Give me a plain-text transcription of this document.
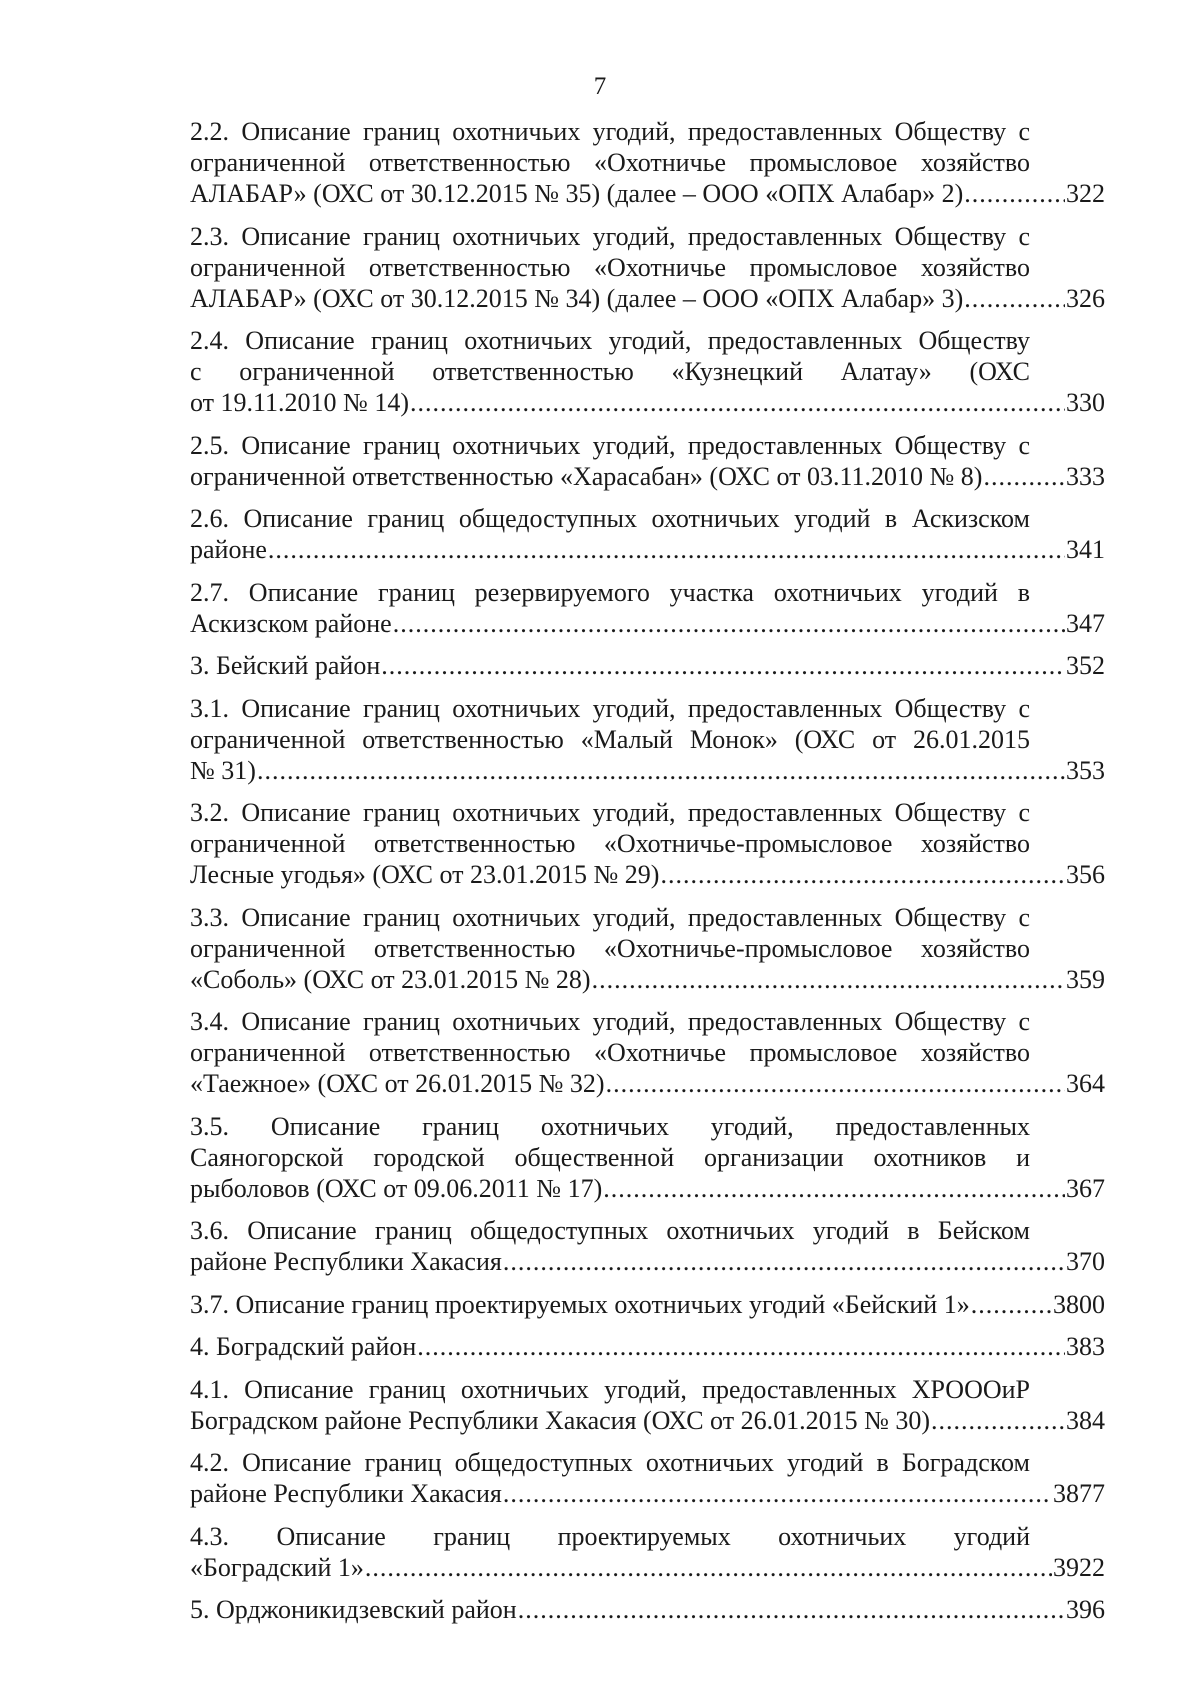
7
2.2. Описание границ охотничьих угодий, предоставленных Обществу с
ограниченной ответственностью «Охотничье промысловое хозяйство
АЛАБАР» (ОХС от 30.12.2015 № 35) (далее – ООО «ОПХ Алабар» 2) .....	322
2.3. Описание границ охотничьих угодий, предоставленных Обществу с
ограниченной ответственностью «Охотничье промысловое хозяйство
АЛАБАР» (ОХС от 30.12.2015 № 34) (далее – ООО «ОПХ Алабар» 3) .....	326
2.4. Описание границ охотничьих угодий, предоставленных Обществу
с ограниченной ответственностью «Кузнецкий Алатау» (ОХС
от 19.11.2010 № 14) .....	330
2.5. Описание границ охотничьих угодий, предоставленных Обществу с
ограниченной ответственностью «Харасабан» (ОХС от 03.11.2010 № 8) .....	333
2.6. Описание границ общедоступных охотничьих угодий в Аскизском
районе .....	341
2.7. Описание границ резервируемого участка охотничьих угодий в
Аскизском районе .....	347
3. Бейский район .....	352
3.1. Описание границ охотничьих угодий, предоставленных Обществу с
ограниченной ответственностью «Малый Монок» (ОХС от 26.01.2015
№ 31) .....	353
3.2. Описание границ охотничьих угодий, предоставленных Обществу с
ограниченной ответственностью «Охотничье-промысловое хозяйство
Лесные угодья» (ОХС от 23.01.2015 № 29) .....	356
3.3. Описание границ охотничьих угодий, предоставленных Обществу с
ограниченной ответственностью «Охотничье-промысловое хозяйство
«Соболь» (ОХС от 23.01.2015 № 28) .....	359
3.4. Описание границ охотничьих угодий, предоставленных Обществу с
ограниченной ответственностью «Охотничье промысловое хозяйство
«Таежное» (ОХС от 26.01.2015 № 32) .....	364
3.5. Описание границ охотничьих угодий, предоставленных
Саяногорской городской общественной организации охотников и
рыболовов (ОХС от 09.06.2011 № 17) .....	367
3.6. Описание границ общедоступных охотничьих угодий в Бейском
районе Республики Хакасия .....	370
3.7. Описание границ проектируемых охотничьих угодий «Бейский 1» .....	3800
4. Боградский район .....	383
4.1. Описание границ охотничьих угодий, предоставленных ХРОООиР
Боградском районе Республики Хакасия (ОХС от 26.01.2015 № 30) .....	384
4.2. Описание границ общедоступных охотничьих угодий в Боградском
районе Республики Хакасия .....	3877
4.3. Описание границ проектируемых охотничьих угодий
«Боградский 1» .....	3922
5. Орджоникидзевский район .....	396
